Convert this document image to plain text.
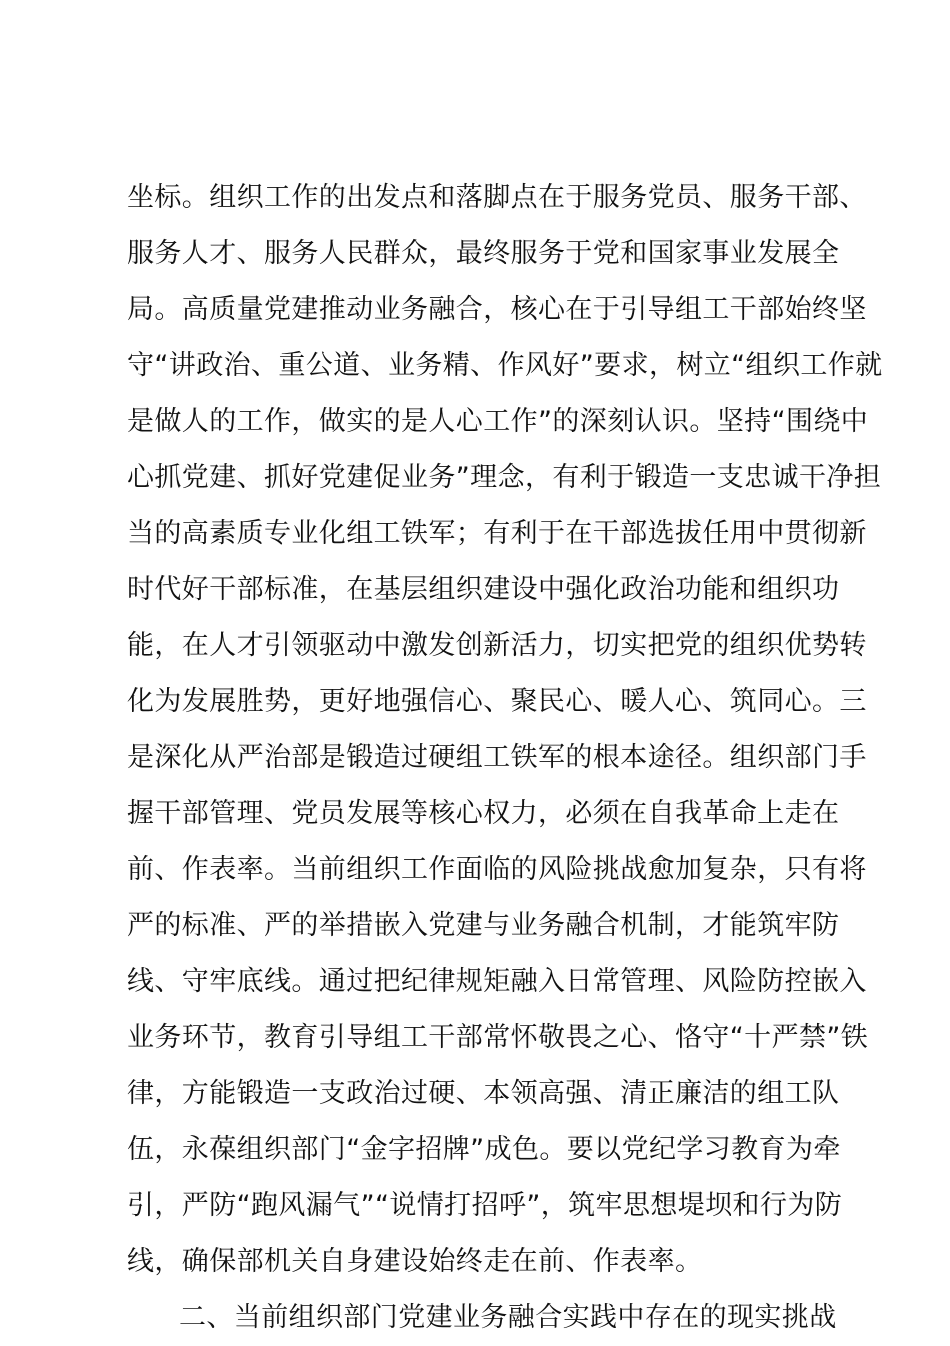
坐标。组织工作的出发点和落脚点在于服务党员、服务干部、
服务人才、服务人民群众，最终服务于党和国家事业发展全
局。高质量党建推动业务融合，核心在于引导组工干部始终坚
守“讲政治、重公道、业务精、作风好”要求，树立“组织工作就
是做人的工作，做实的是人心工作”的深刻认识。坚持“围绕中
心抓党建、抓好党建促业务”理念，有利于锻造一支忠诚干净担
当的高素质专业化组工铁军；有利于在干部选拔任用中贯彻新
时代好干部标准，在基层组织建设中强化政治功能和组织功
能，在人才引领驱动中激发创新活力，切实把党的组织优势转
化为发展胜势，更好地强信心、聚民心、暖人心、筑同心。三
是深化从严治部是锻造过硬组工铁军的根本途径。组织部门手
握干部管理、党员发展等核心权力，必须在自我革命上走在
前、作表率。当前组织工作面临的风险挑战愈加复杂，只有将
严的标准、严的举措嵌入党建与业务融合机制，才能筑牢防
线、守牢底线。通过把纪律规矩融入日常管理、风险防控嵌入
业务环节，教育引导组工干部常怀敬畏之心、恪守“十严禁”铁
律，方能锻造一支政治过硬、本领高强、清正廉洁的组工队
伍，永葆组织部门“金字招牌”成色。要以党纪学习教育为牵
引，严防“跑风漏气”“说情打招呼”，筑牢思想堤坝和行为防
线，确保部机关自身建设始终走在前、作表率。
二、当前组织部门党建业务融合实践中存在的现实挑战
